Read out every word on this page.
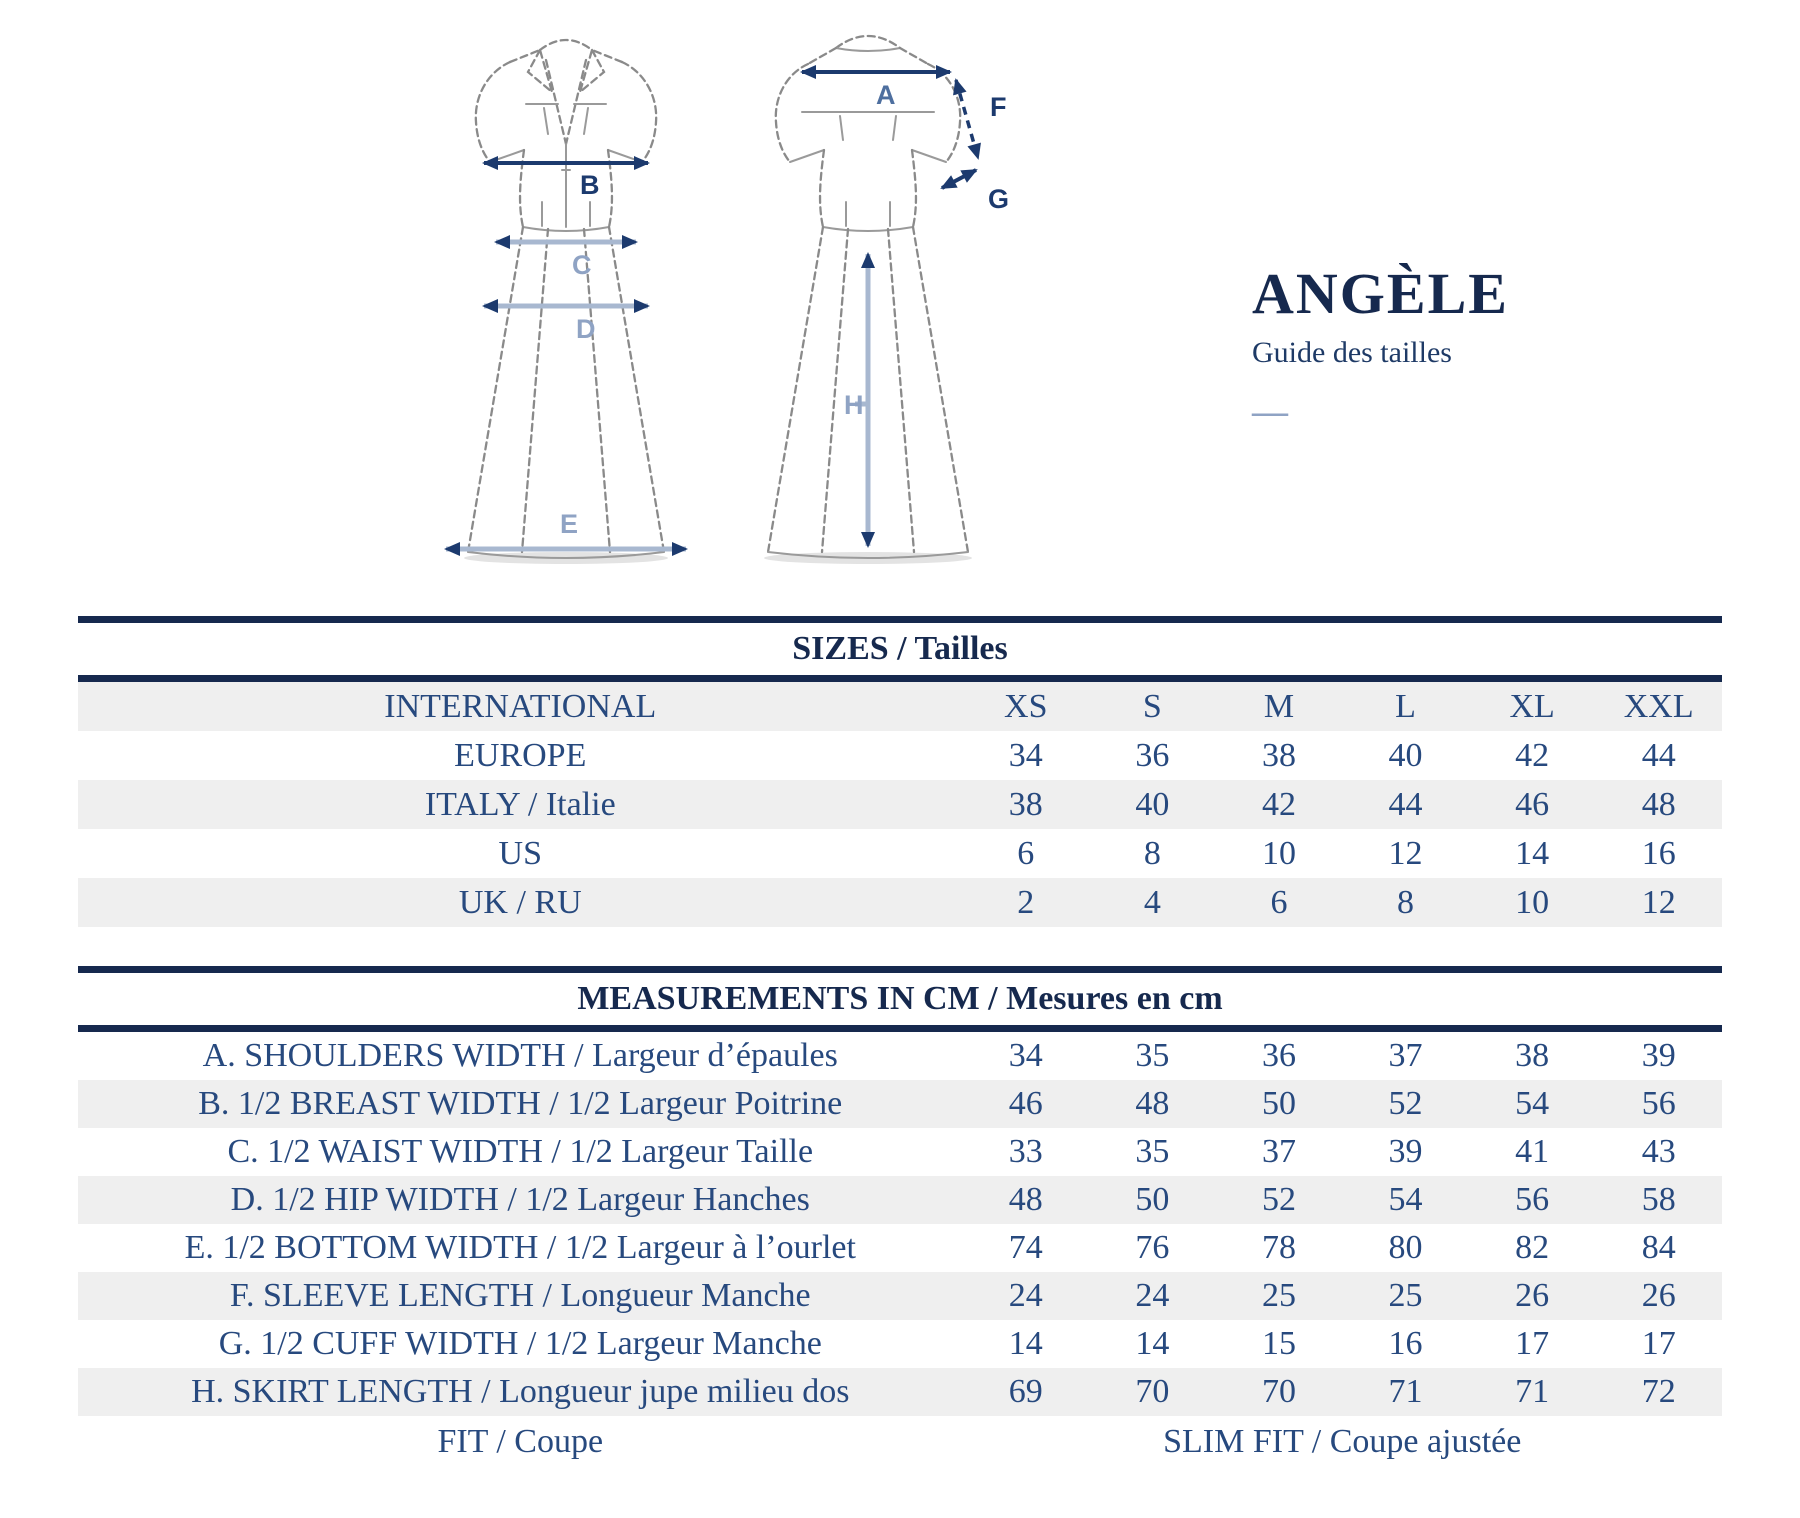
B
C
D
E
A	F
G
H
ANGÈLE
Guide des tailles
—
SIZES / Tailles						
INTERNATIONAL	XS	S	M	L	XL	XXL
EUROPE	34	36	38	40	42	44
ITALY / Italie	38	40	42	44	46	48
US	6	8	10	12	14	16
UK / RU	2	4	6	8	10	12
MEASUREMENTS IN CM / Mesures en cm						
A. SHOULDERS WIDTH / Largeur d’épaules	34	35	36	37	38	39
B. 1/2 BREAST WIDTH / 1/2 Largeur Poitrine	46	48	50	52	54	56
C. 1/2 WAIST WIDTH / 1/2 Largeur Taille	33	35	37	39	41	43
D. 1/2 HIP WIDTH / 1/2 Largeur Hanches	48	50	52	54	56	58
E. 1/2 BOTTOM WIDTH / 1/2 Largeur à l’ourlet	74	76	78	80	82	84
F. SLEEVE LENGTH / Longueur Manche	24	24	25	25	26	26
G. 1/2 CUFF WIDTH / 1/2 Largeur Manche	14	14	15	16	17	17
H. SKIRT LENGTH / Longueur jupe milieu dos	69	70	70	71	71	72
FIT / Coupe	SLIM FIT / Coupe ajustée					
